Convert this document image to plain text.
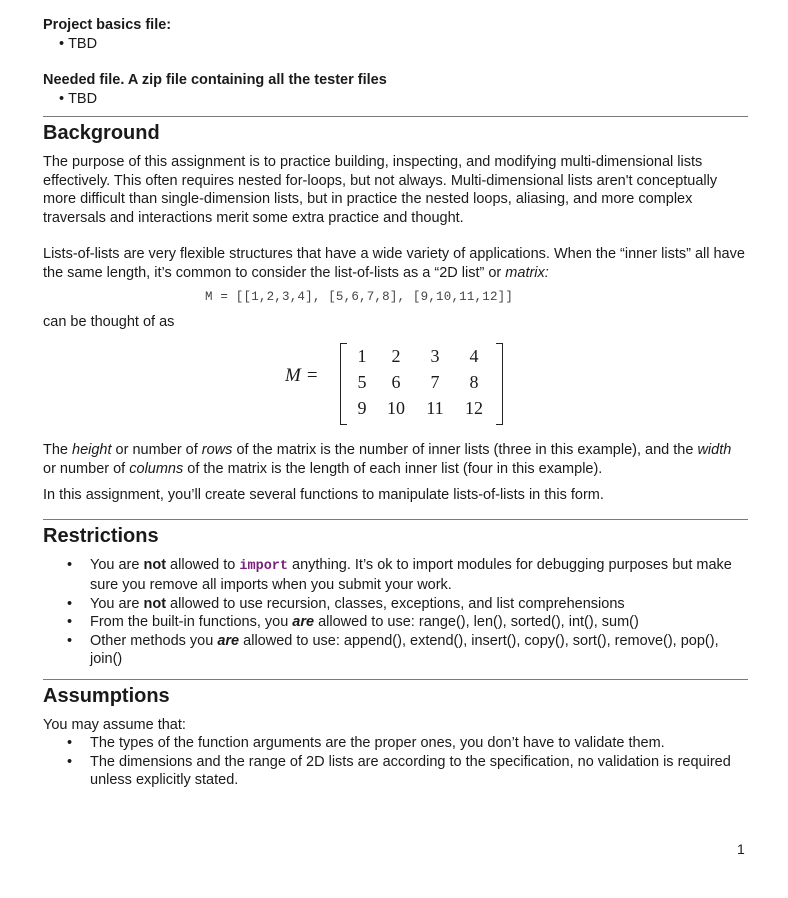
Project basics file:
• TBD
Needed file. A zip file containing all the tester files
• TBD
Background

The purpose of this assignment is to practice building, inspecting, and modifying multi-dimensional lists effectively. This often requires nested for-loops, but not always. Multi-dimensional lists aren't conceptually more difficult than single-dimension lists, but in practice the nested loops, aliasing, and more complex traversals and interactions merit some extra practice and thought.

Lists-of-lists are very flexible structures that have a wide variety of applications. When the “inner lists” all have the same length, it’s common to consider the list-of-lists as a “2D list” or matrix:

M = [[1,2,3,4], [5,6,7,8], [9,10,11,12]]

can be thought of as

M =
1	2	3	4
5	6	7	8
9	10	11	12

The height or number of rows of the matrix is the number of inner lists (three in this example), and the width or number of columns of the matrix is the length of each inner list (four in this example).

In this assignment, you’ll create several functions to manipulate lists-of-lists in this form.

Restrictions
• You are not allowed to import anything. It’s ok to import modules for debugging purposes but make sure you remove all imports when you submit your work.
• You are not allowed to use recursion, classes, exceptions, and list comprehensions
• From the built-in functions, you are allowed to use: range(), len(), sorted(), int(), sum()
• Other methods you are allowed to use: append(), extend(), insert(), copy(), sort(), remove(), pop(), join()
Assumptions

You may assume that:

• The types of the function arguments are the proper ones, you don’t have to validate them.
• The dimensions and the range of 2D lists are according to the specification, no validation is required unless explicitly stated.
1
